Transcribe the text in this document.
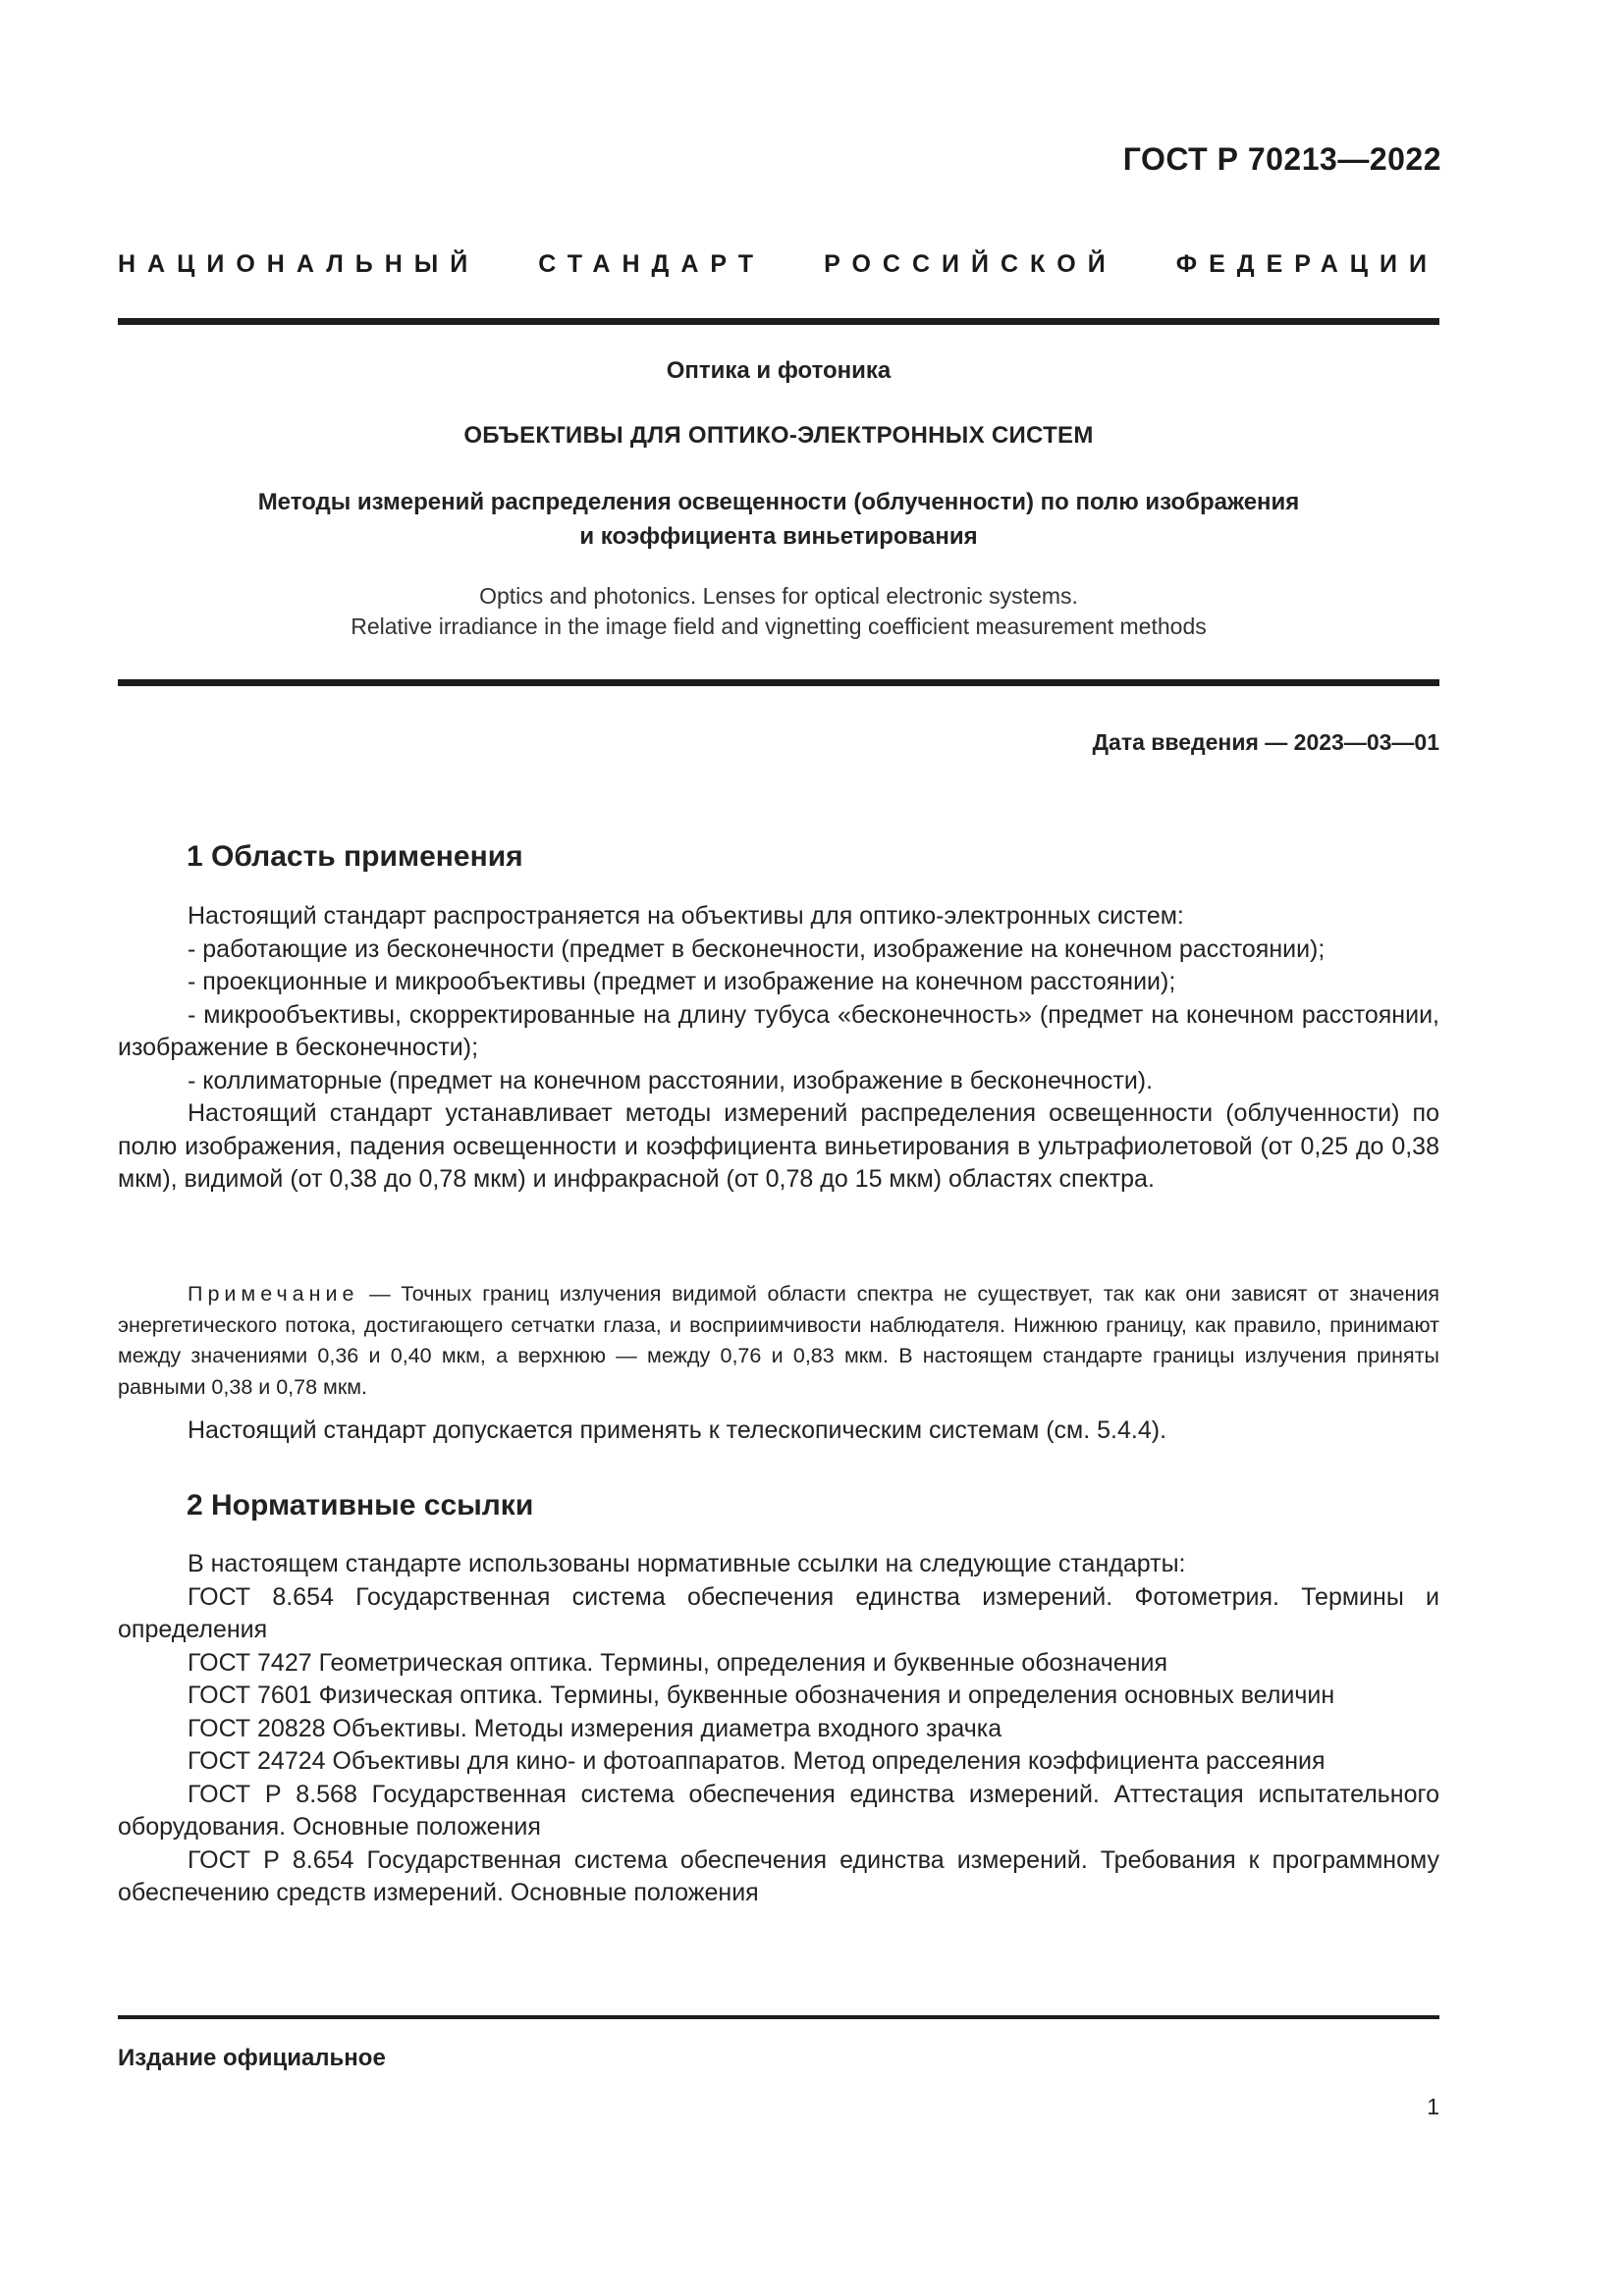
ГОСТ Р 70213—2022
НАЦИОНАЛЬНЫЙ СТАНДАРТ РОССИЙСКОЙ ФЕДЕРАЦИИ
Оптика и фотоника
ОБЪЕКТИВЫ ДЛЯ ОПТИКО-ЭЛЕКТРОННЫХ СИСТЕМ
Методы измерений распределения освещенности (облученности) по полю изображения
и коэффициента виньетирования
Optics and photonics. Lenses for optical electronic systems.
Relative irradiance in the image field and vignetting coefficient measurement methods
Дата введения — 2023—03—01
1 Область применения

Настоящий стандарт распространяется на объективы для оптико-электронных систем:

- работающие из бесконечности (предмет в бесконечности, изображение на конечном расстоянии);

- проекционные и микрообъективы (предмет и изображение на конечном расстоянии);

- микрообъективы, скорректированные на длину тубуса «бесконечность» (предмет на конечном расстоянии, изображение в бесконечности);

- коллиматорные (предмет на конечном расстоянии, изображение в бесконечности).

Настоящий стандарт устанавливает методы измерений распределения освещенности (облученности) по полю изображения, падения освещенности и коэффициента виньетирования в ультрафиолетовой (от 0,25 до 0,38 мкм), видимой (от 0,38 до 0,78 мкм) и инфракрасной (от 0,78 до 15 мкм) областях спектра.

Примечание — Точных границ излучения видимой области спектра не существует, так как они зависят от значения энергетического потока, достигающего сетчатки глаза, и восприимчивости наблюдателя. Нижнюю границу, как правило, принимают между значениями 0,36 и 0,40 мкм, а верхнюю — между 0,76 и 0,83 мкм. В настоящем стандарте границы излучения приняты равными 0,38 и 0,78 мкм.

Настоящий стандарт допускается применять к телескопическим системам (см. 5.4.4).

2 Нормативные ссылки

В настоящем стандарте использованы нормативные ссылки на следующие стандарты:

ГОСТ 8.654 Государственная система обеспечения единства измерений. Фотометрия. Термины и определения

ГОСТ 7427 Геометрическая оптика. Термины, определения и буквенные обозначения

ГОСТ 7601 Физическая оптика. Термины, буквенные обозначения и определения основных величин

ГОСТ 20828 Объективы. Методы измерения диаметра входного зрачка

ГОСТ 24724 Объективы для кино- и фотоаппаратов. Метод определения коэффициента рассеяния

ГОСТ Р 8.568 Государственная система обеспечения единства измерений. Аттестация испытательного оборудования. Основные положения

ГОСТ Р 8.654 Государственная система обеспечения единства измерений. Требования к программному обеспечению средств измерений. Основные положения

Издание официальное
1
